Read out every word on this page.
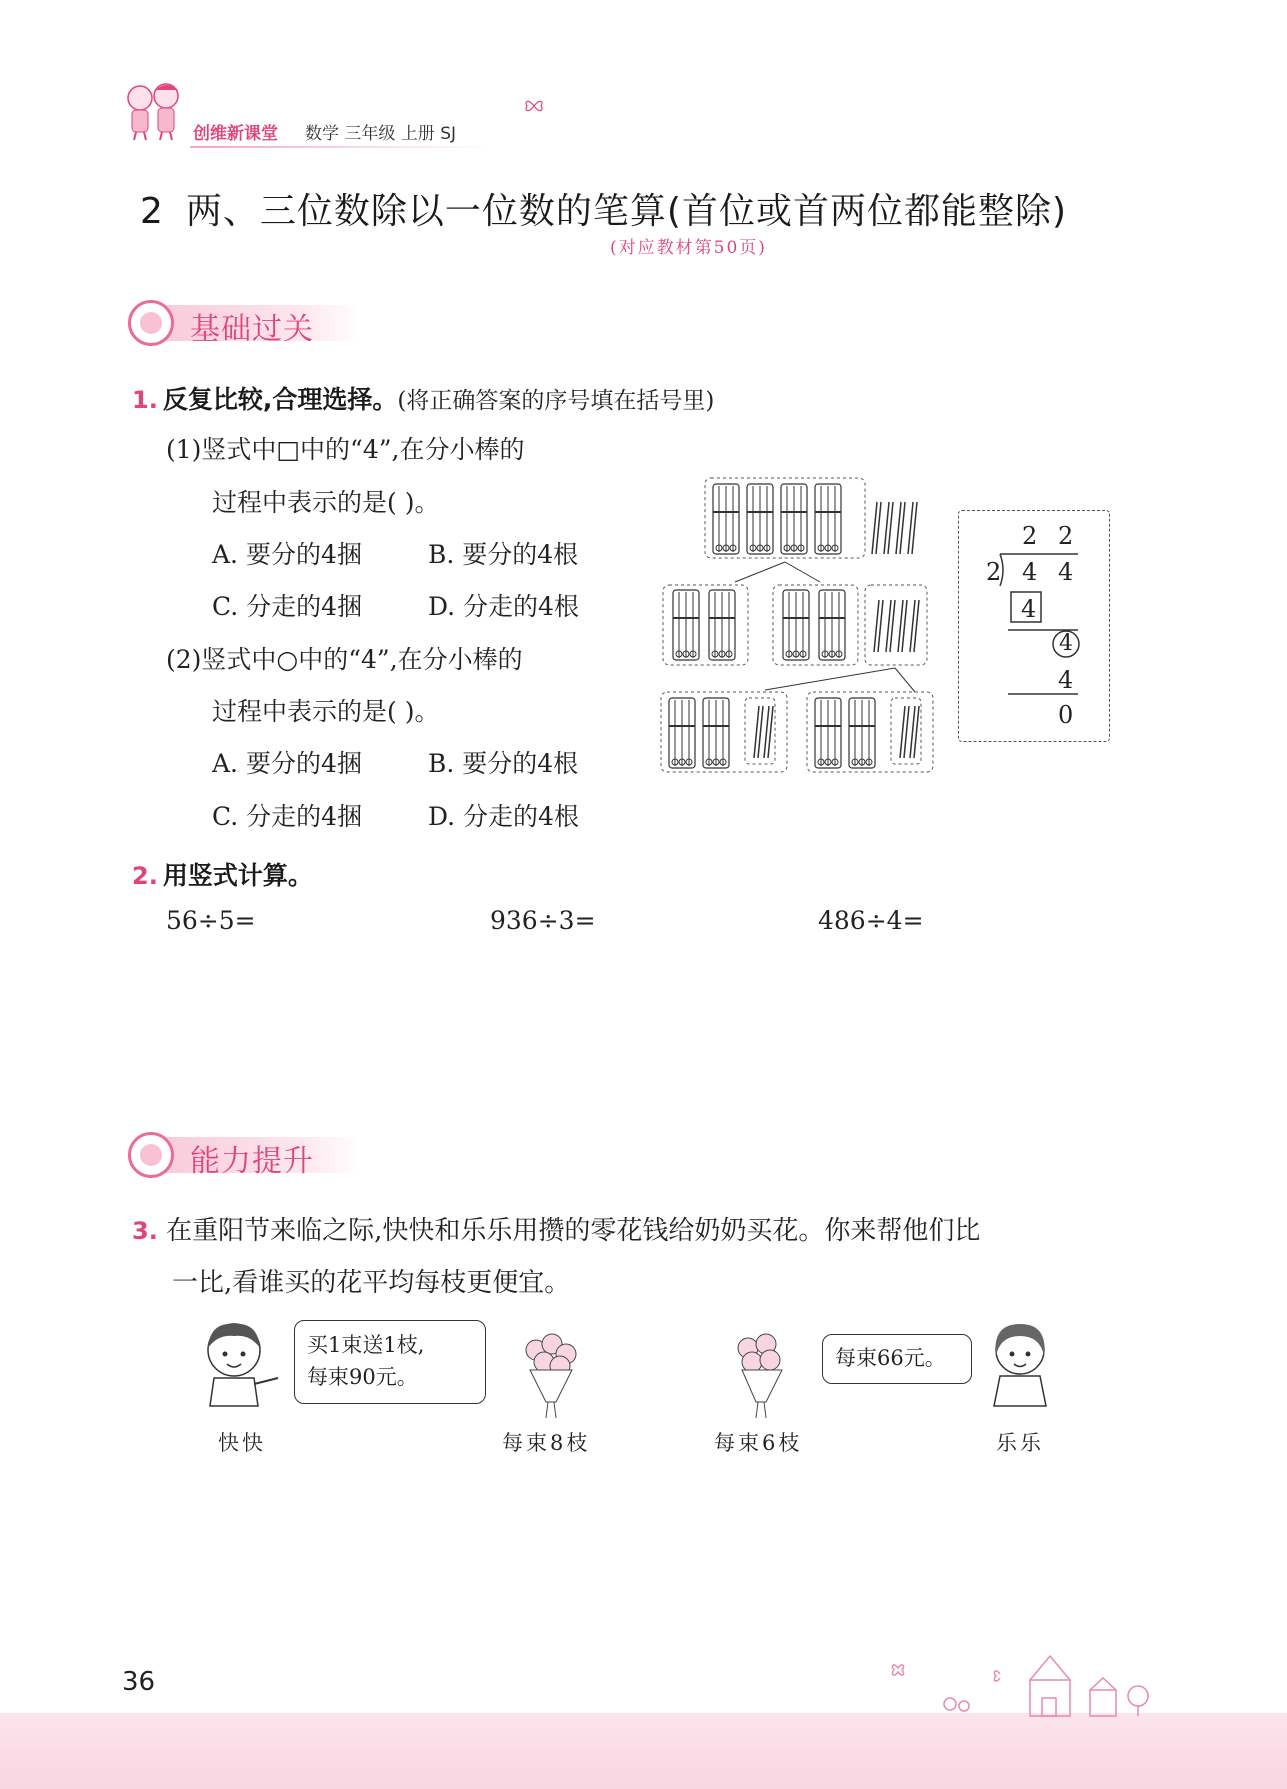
创维新课堂 数学 三年级 上册 SJ
2 两、三位数除以一位数的笔算(首位或首两位都能整除)
(对应教材第50页)
基础过关
1. 反复比较,合理选择。(将正确答案的序号填在括号里)
(1)竖式中□中的“4”,在分小棒的
过程中表示的是( )。
A. 要分的4捆	B. 要分的4根
C. 分走的4捆	D. 分走的4根
(2)竖式中○中的“4”,在分小棒的
过程中表示的是( )。
A. 要分的4捆	B. 要分的4根
C. 分走的4捆	D. 分走的4根
2 2
2 4 4
4
4
4
0
2. 用竖式计算。
56÷5=	936÷3=	486÷4=
能力提升
3. 在重阳节来临之际,快快和乐乐用攒的零花钱给奶奶买花。你来帮他们比
一比,看谁买的花平均每枝更便宜。
买1束送1枝,
每束90元。
快快	每束8枝	每束6枝
每束66元。
乐乐
36
